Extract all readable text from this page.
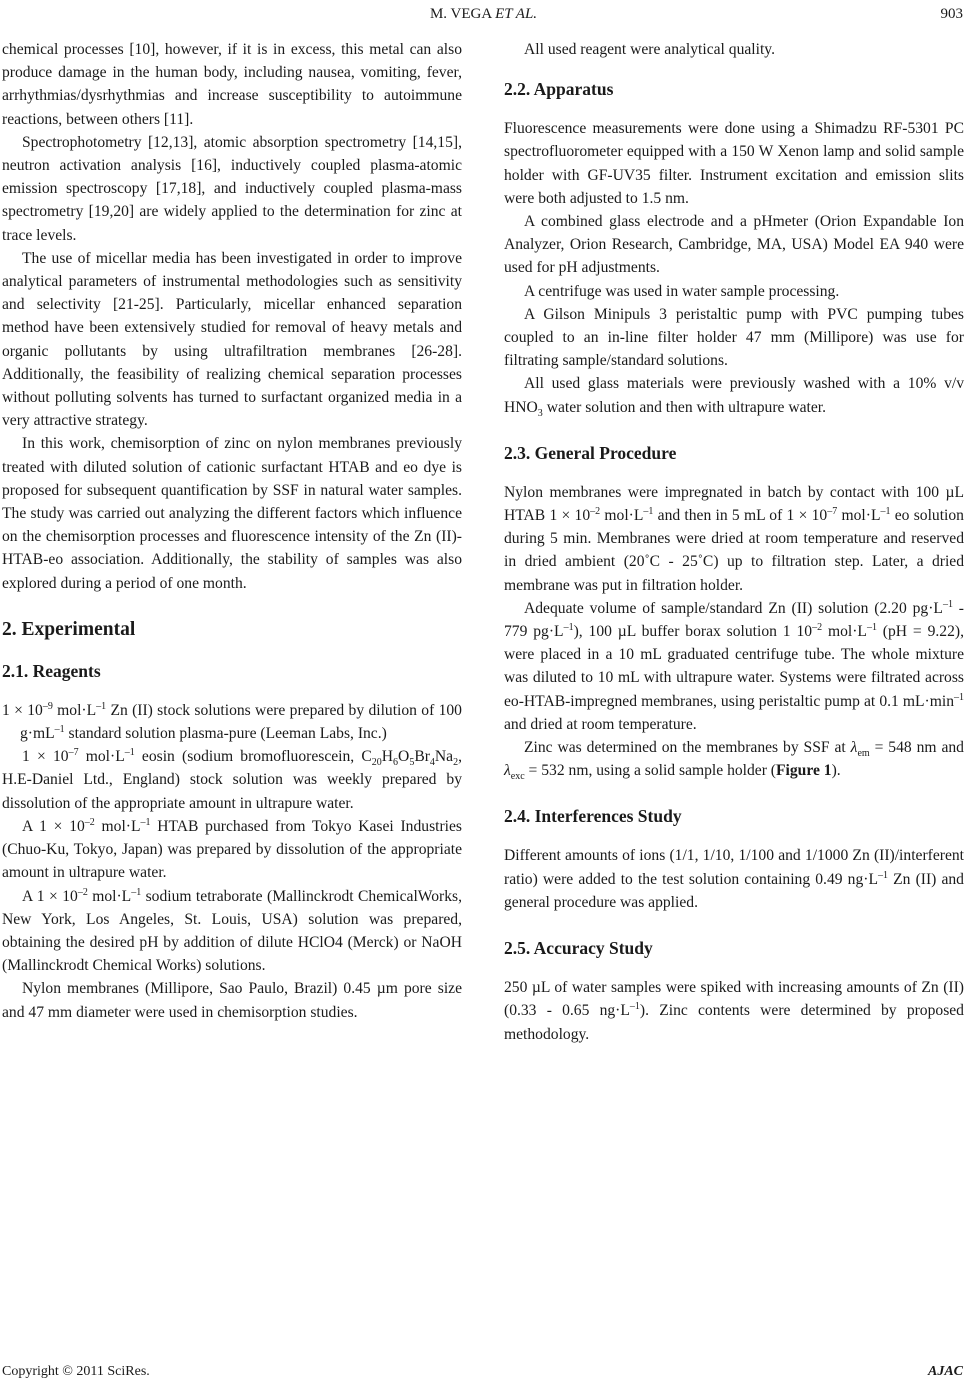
M. VEGA ET AL.	903

chemical processes [10], however, if it is in excess, this metal can also produce damage in the human body, including nausea, vomiting, fever, arrhythmias/dysrhythmias and increase susceptibility to autoimmune reactions, between others [11].

Spectrophotometry [12,13], atomic absorption spectrometry [14,15], neutron activation analysis [16], inductively coupled plasma-atomic emission spectroscopy [17,18], and inductively coupled plasma-mass spectrometry [19,20] are widely applied to the determination for zinc at trace levels.

The use of micellar media has been investigated in order to improve analytical parameters of instrumental methodologies such as sensitivity and selectivity [21-25]. Particularly, micellar enhanced separation method have been extensively studied for removal of heavy metals and organic pollutants by using ultrafiltration membranes [26-28]. Additionally, the feasibility of realizing chemical separation processes without polluting solvents has turned to surfactant organized media in a very attractive strategy.

In this work, chemisorption of zinc on nylon membranes previously treated with diluted solution of cationic surfactant HTAB and eo dye is proposed for subsequent quantification by SSF in natural water samples. The study was carried out analyzing the different factors which influence on the chemisorption processes and fluorescence intensity of the Zn (II)-HTAB-eo association. Additionally, the stability of samples was also explored during a period of one month.

2. Experimental
2.1. Reagents

$1 \times 10^{-9}$ $mol\cdot L^{-1}$ Zn (II) stock solutions were prepared by dilution of $100g\cdot mL^{-1}$ standard solution plasma-pure (Leeman Labs, Inc.)

$1 \times 10^{-7}$ $mol\cdot L^{-1}$ eosin (sodium bromofluorescein, $C_{20}H_6O_5Br_4Na_2$, H.E-Daniel Ltd., England) stock solution was weekly prepared by dissolution of the appropriate amount in ultrapure water.

A $1 \times 10^{-2}$ $mol\cdot L^{-1}$ HTAB purchased from Tokyo Kasei Industries (Chuo-Ku, Tokyo, Japan) was prepared by dissolution of the appropriate amount in ultrapure water.

A $1 \times 10^{-2}$ $mol\cdot L^{-1}$ sodium tetraborate (Mallinckrodt ChemicalWorks, New York, Los Angeles, St. Louis, USA) solution was prepared, obtaining the desired pH by addition of dilute HClO4 (Merck) or NaOH (Mallinckrodt Chemical Works) solutions.

Nylon membranes (Millipore, Sao Paulo, Brazil) 0.45 µm pore size and 47 mm diameter were used in chemisorption studies.

All used reagent were analytical quality.

2.2. Apparatus

Fluorescence measurements were done using a Shimadzu RF-5301 PC spectrofluorometer equipped with a 150 W Xenon lamp and solid sample holder with GF-UV35 filter. Instrument excitation and emission slits were both adjusted to 1.5 nm.

A combined glass electrode and a pHmeter (Orion Expandable Ion Analyzer, Orion Research, Cambridge, MA, USA) Model EA 940 were used for pH adjustments.

A centrifuge was used in water sample processing.

A Gilson Minipuls 3 peristaltic pump with PVC pumping tubes coupled to an in-line filter holder 47 mm (Millipore) was use for filtrating sample/standard solutions.

All used glass materials were previously washed with a 10% v/v $HNO_3$ water solution and then with ultrapure water.

2.3. General Procedure

Nylon membranes were impregnated in batch by contact with 100 µL HTAB $1 \times 10^{-2}$ $mol\cdot L^{-1}$ and then in 5 mL of $1 \times 10^{-7}$ $mol\cdot L^{-1}$ eo solution during 5 min. Membranes were dried at room temperature and reserved in dried ambient (20˚C - 25˚C) up to filtration step. Later, a dried membrane was put in filtration holder.

Adequate volume of sample/standard Zn (II) solution (2.20 $pg\cdot L^{-1} - 779$ $pg\cdot L^{-1}$), 100 µL buffer borax solution 1 $10^{-2}$ $mol\cdot L^{-1}$ (pH = 9.22), were placed in a 10 mL graduated centrifuge tube. The whole mixture was diluted to 10 mL with ultrapure water. Systems were filtrated across eo-HTAB-impregned membranes, using peristaltic pump at 0.1 $mL\cdot\min^{-1}$ and dried at room temperature.

Zinc was determined on the membranes by SSF at $\lambda_{em} = 548$ nm and $\lambda_{exc} = 532$ nm, using a solid sample holder (Figure 1).

2.4. Interferences Study

Different amounts of ions (1/1, 1/10, 1/100 and 1/1000 Zn (II)/interferent ratio) were added to the test solution containing 0.49 $ng\cdot L^{-1}$ Zn (II) and general procedure was applied.

2.5. Accuracy Study

250 µL of water samples were spiked with increasing amounts of Zn (II) (0.33 - 0.65 $ng\cdot L^{-1}$). Zinc contents were determined by proposed methodology.

Copyright © 2011 SciRes.	AJAC
